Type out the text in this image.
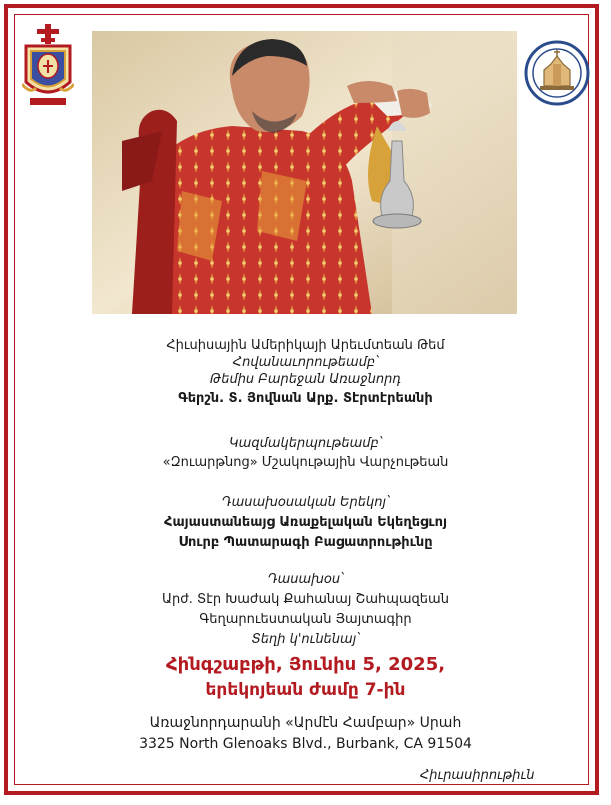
Հիւսիսային Ամերիկայի Արեւմտեան Թեմ
Հովանաւորութեամբ՝
Թեմիս Բարեջան Առաջնորդ
Գերշն. Տ. Յովնան Արք. Տէրտէրեանի
Կազմակերպութեամբ՝
«Զուարթնոց» Մշակութային Վարչութեան
Դասախօսական Երեկոյ՝
Հայաստանեայց Առաքելական Եկեղեցւոյ
Սուրբ Պատարագի Բացատրութիւնը
Դասախօս՝
Արժ. Տէր Խաժակ Քահանայ Շահպազեան
Գեղարուեստական Յայտագիր
Տեղի կ'ունենայ՝
Հինգշաբթի, Յունիս 5, 2025,
երեկոյեան ժամը 7-ին
Առաջնորդարանի «Արմէն Համբար» Սրահ
3325 North Glenoaks Blvd., Burbank, CA 91504
Հիւրասիրութիւն
